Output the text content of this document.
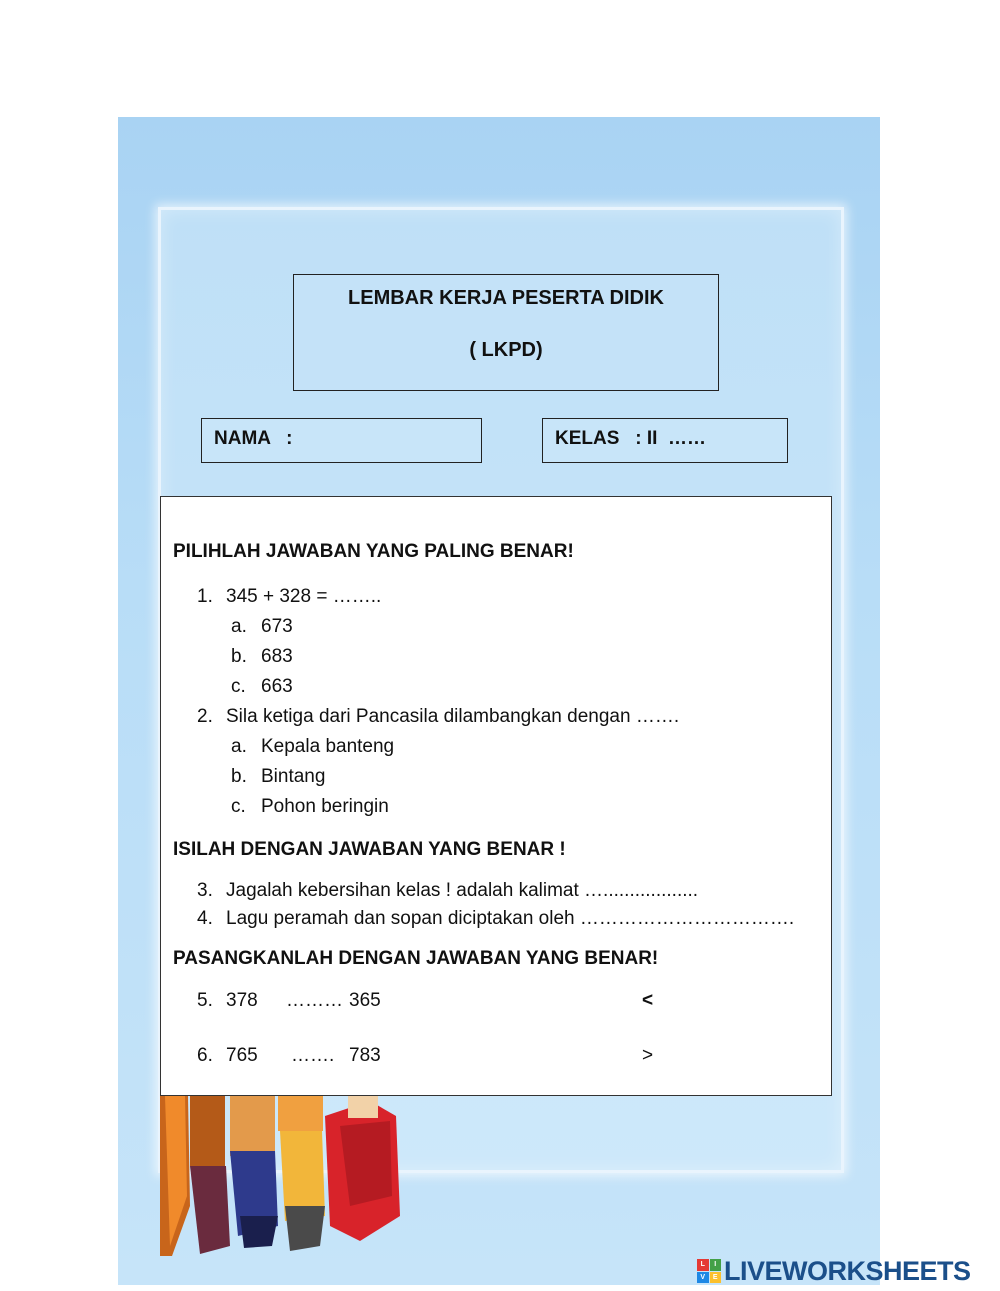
LEMBAR KERJA PESERTA DIDIK
( LKPD)
NAMA   :	KELAS   : II  ……
PILIHLAH JAWABAN YANG PALING BENAR!
1. 345 + 328 = ……..
a. 673
b. 683
c. 663
2. Sila ketiga dari Pancasila dilambangkan dengan …….
a. Kepala banteng
b. Bintang
c. Pohon beringin
ISILAH DENGAN JAWABAN YANG BENAR !
3. Jagalah kebersihan kelas ! adalah kalimat …..................
4. Lagu peramah dan sopan diciptakan oleh …………………………….
PASANGKANLAH DENGAN JAWABAN YANG BENAR!
5. 378 ……… 365	<
6. 765 ……. 783	>
L	I
V	E LIVEWORKSHEETS
